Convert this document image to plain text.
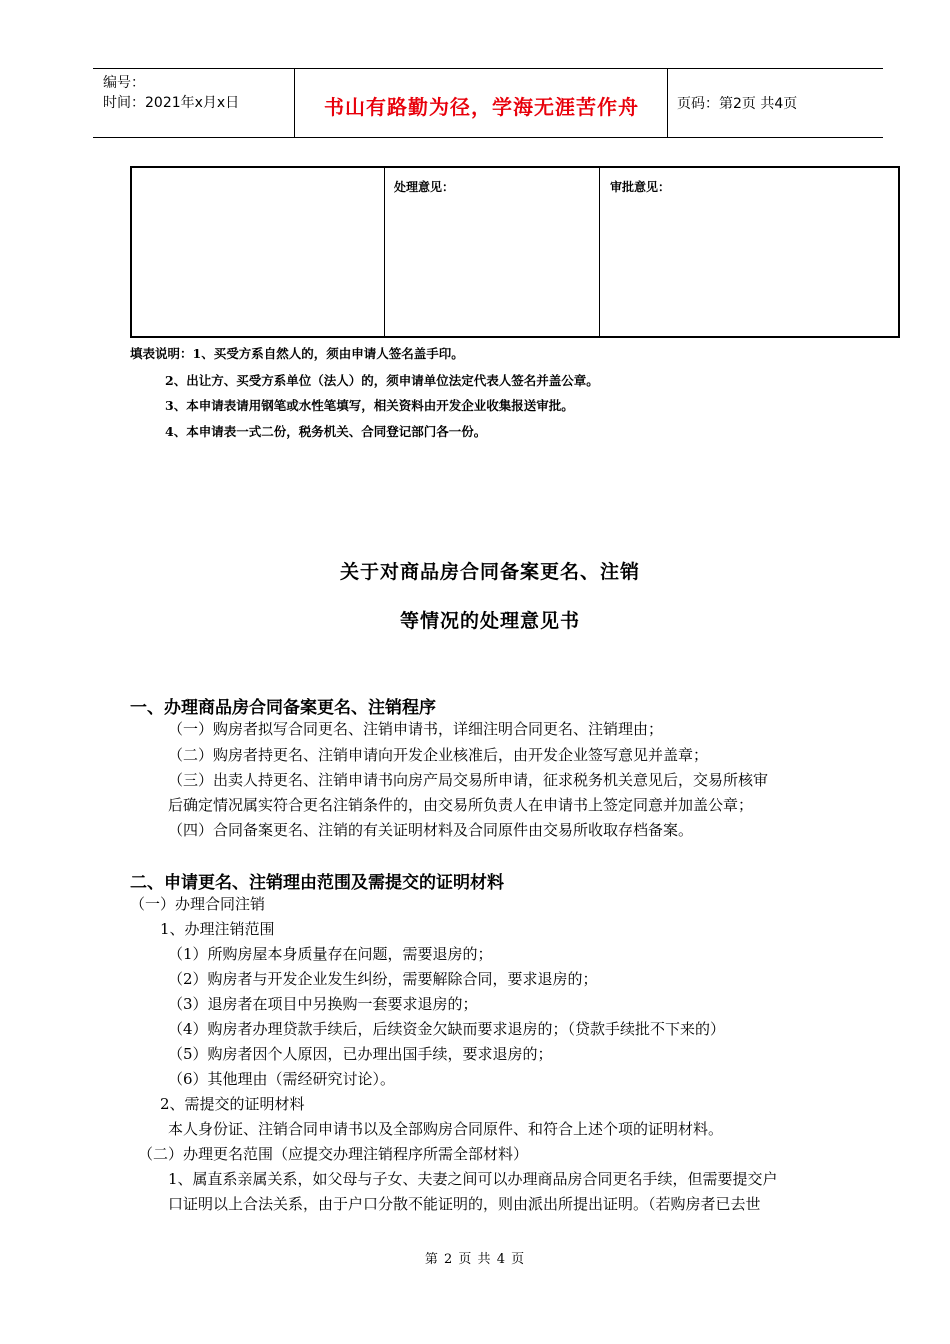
编号：
时间：2021年x月x日	书山有路勤为径，学海无涯苦作舟	页码：第2页 共4页
处理意见：	审批意见：
填表说明：1、买受方系自然人的，须由申请人签名盖手印。
2、出让方、买受方系单位（法人）的，须申请单位法定代表人签名并盖公章。
3、本申请表请用钢笔或水性笔填写，相关资料由开发企业收集报送审批。
4、本申请表一式二份，税务机关、合同登记部门各一份。
关于对商品房合同备案更名、注销
等情况的处理意见书
一、办理商品房合同备案更名、注销程序
（一）购房者拟写合同更名、注销申请书，详细注明合同更名、注销理由；
（二）购房者持更名、注销申请向开发企业核准后，由开发企业签写意见并盖章；
（三）出卖人持更名、注销申请书向房产局交易所申请，征求税务机关意见后，交易所核审
后确定情况属实符合更名注销条件的，由交易所负责人在申请书上签定同意并加盖公章；
（四）合同备案更名、注销的有关证明材料及合同原件由交易所收取存档备案。
二、申请更名、注销理由范围及需提交的证明材料
（一）办理合同注销
1、办理注销范围
（1）所购房屋本身质量存在问题，需要退房的；
（2）购房者与开发企业发生纠纷，需要解除合同，要求退房的；
（3）退房者在项目中另换购一套要求退房的；
（4）购房者办理贷款手续后，后续资金欠缺而要求退房的；（贷款手续批不下来的）
（5）购房者因个人原因，已办理出国手续，要求退房的；
（6）其他理由（需经研究讨论）。
2、需提交的证明材料
本人身份证、注销合同申请书以及全部购房合同原件、和符合上述个项的证明材料。
（二）办理更名范围（应提交办理注销程序所需全部材料）
1、属直系亲属关系，如父母与子女、夫妻之间可以办理商品房合同更名手续，但需要提交户
口证明以上合法关系，由于户口分散不能证明的，则由派出所提出证明。（若购房者已去世
第 2 页 共 4 页
